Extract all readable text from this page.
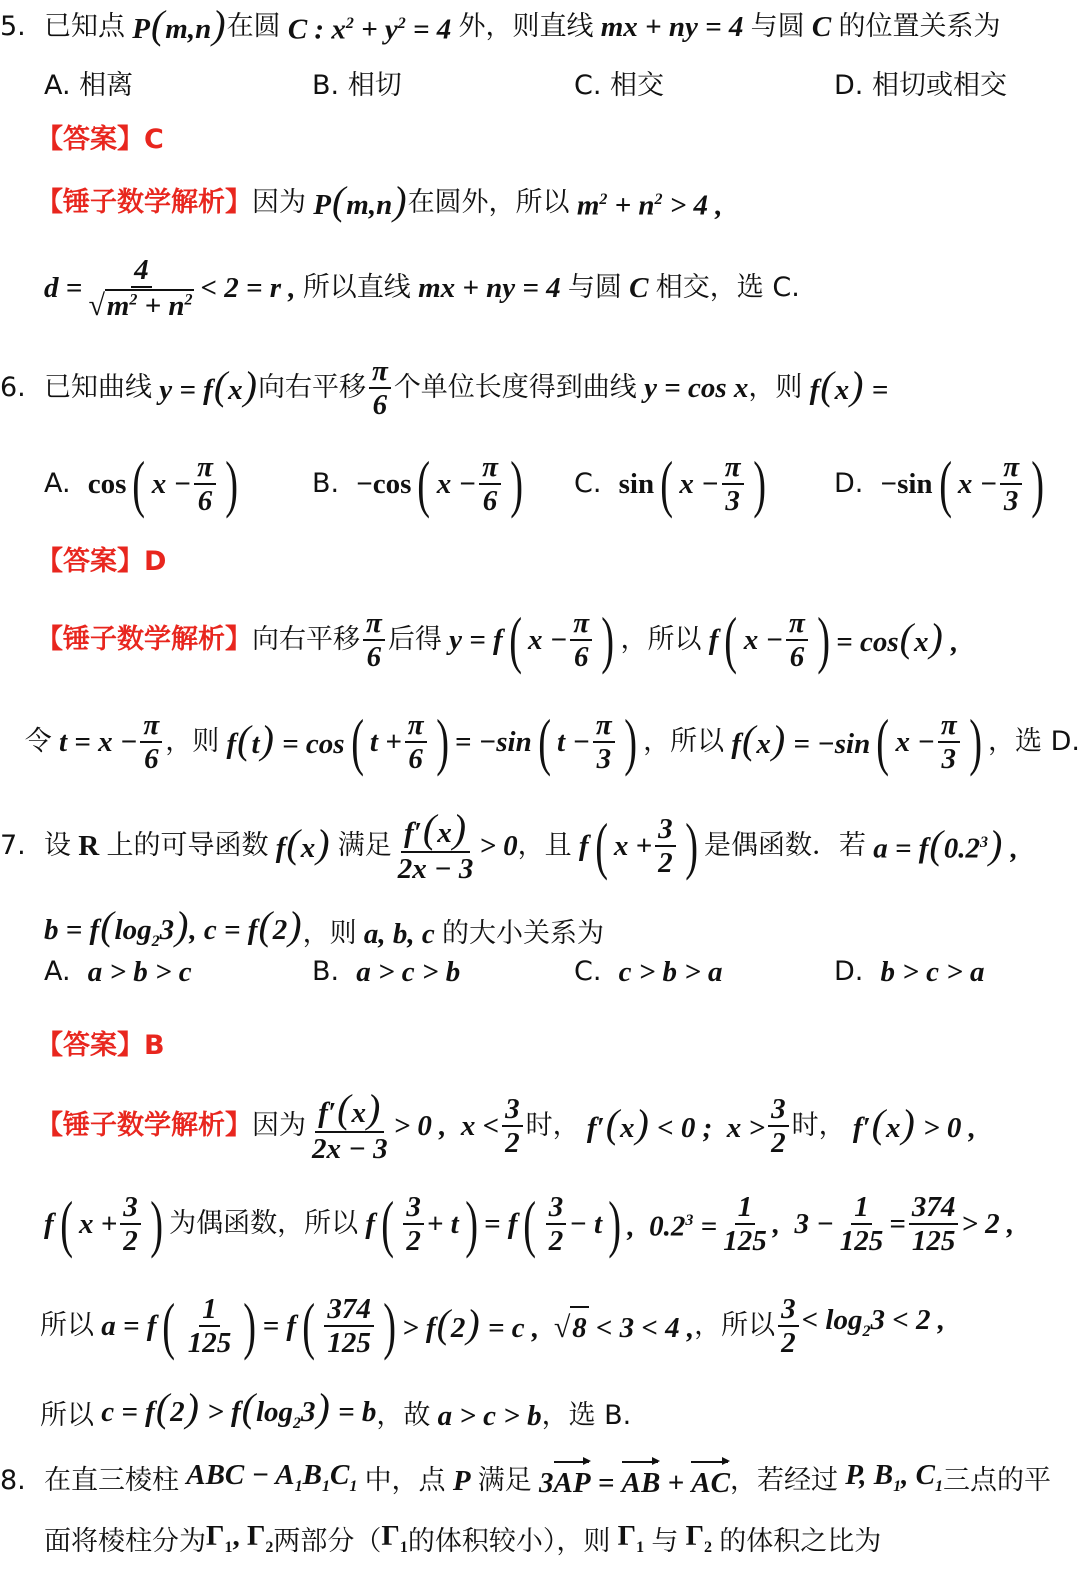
5. 已知点 P(m,n) 在圆 C : $x^2 + y^2 = 4$ 外，则直线 mx + ny = 4 与圆 C 的位置关系为
A. 相离	B. 相切	C. 相交	D. 相切或相交
【答案】 C
【锤子数学解析】 因为 P(m,n) 在圆外，所以 $m^2 + n^2 > 4$ ,
$d = \frac{4}{√ m^2 + n^2} < 2 = r$ , 所以直线 mx + ny = 4 与圆 C 相交，选 C.
6. 已知曲线 y = f(x) 向右平移 $\frac{\pi}{6}$ 个单位长度得到曲线 y = cos x ，则 f(x) =
A.
cos ( $x - \frac{\pi}{6}$ )	B.
−cos ( $x - \frac{\pi}{6}$ ) C.
sin ( $x - \frac{\pi}{3}$ )	D.
−sin ( $x - \frac{\pi}{3}$ )
【答案】 D
【锤子数学解析】 向右平移 $\frac{\pi}{6}$ 后得 y = f ( $x - \frac{\pi}{6}$ ) ，所以 f ( $x - \frac{\pi}{6}$ ) = cos(x) ,
令 $t = x - \frac{\pi}{6}$ ，则 f(t) = cos ( $t + \frac{\pi}{6}$ ) = −sin ( $t - \frac{\pi}{3}$ ) ，所以 f(x) = −sin ( $x - \frac{\pi}{3}$ ) ，选 D.
7. 设 R 上的可导函数 f(x) 满足 $\frac{f'(x)}{2x - 3} > 0$ ，且 f ( $x + \frac{3}{2}$ ) 是偶函数．若 $a = f(0.2^3)$ ,
$b = f(\log_23)$, c = f(2) ，则 a, b, c 的大小关系为
A.
a > b > c	B.
a > c > b	C.
c > b > a	D.
b > c > a
【答案】 B
【锤子数学解析】 因为 $\frac{f'(x)}{2x - 3} > 0$ ,  $x < \frac{3}{2}$ 时， f′(x) < 0 ;  $x > \frac{3}{2}$ 时， f′(x) > 0 ,
f ( $x + \frac{3}{2}$ ) 为偶函数，所以 f ( $\frac{3}{2} + t$ ) = f ( $\frac{3}{2} - t$ ) ,  $0.2^3 = \frac{1}{125}$ ,  $3 - \frac{1}{125} = \frac{374}{125} > 2$ ,
所以 a = f ( $\frac{1}{125}$ ) = f ( $\frac{374}{125}$ ) > f(2) = c , √ 8 < 3 < 4 , ，所以 $\frac{3}{2} < \log_23 < 2$ ,
所以 $c = f(2) > f(\log_23) = b$ ，故 a > c > b ，选 B.
8. 在直三棱柱 ABC − $A_1B_1C_1$ 中，点 P 满足 3AP = AB + AC ，若经过 P, $B_1$, $C_1$ 三点的平
面将棱柱分为 $\Gamma_1$, $\Gamma_2$ 两部分（ $\Gamma_1$ 的体积较小），则 $\Gamma_1$ 与 $\Gamma_2$ 的体积之比为
